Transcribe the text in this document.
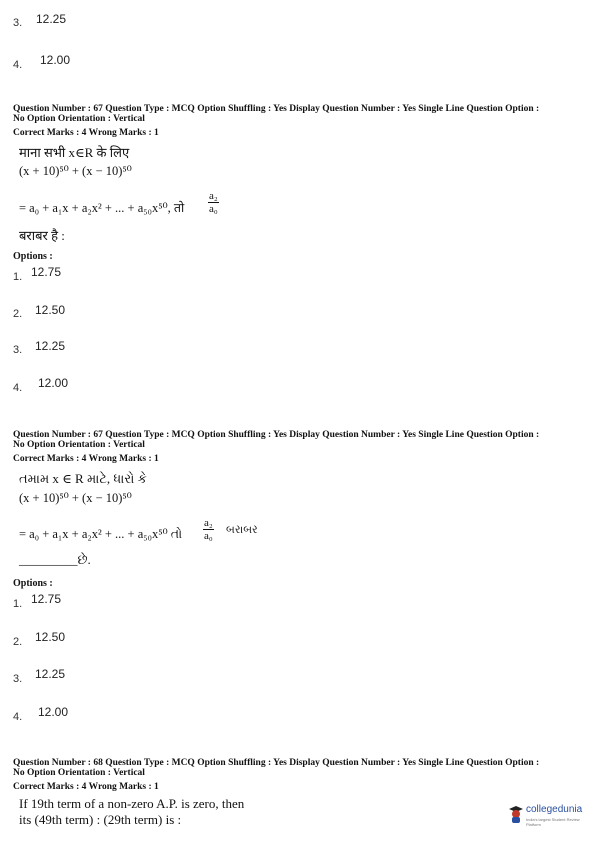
3. 12.25
4. 12.00
Question Number : 67 Question Type : MCQ Option Shuffling : Yes Display Question Number : Yes Single Line Question Option :
No Option Orientation : Vertical
Correct Marks : 4 Wrong Marks : 1
माना सभी x∈R के लिए
(x + 10)⁵⁰ + (x − 10)⁵⁰
= a₀ + a₁x + a₂x² + ... + a₅₀x⁵⁰, तो $\frac{\text{a₂}}{\text{a₀}}$
बराबर है :
Options :
1. 12.75
2. 12.50
3. 12.25
4. 12.00
Question Number : 67 Question Type : MCQ Option Shuffling : Yes Display Question Number : Yes Single Line Question Option :
No Option Orientation : Vertical
Correct Marks : 4 Wrong Marks : 1
તમામ x ∈ R માટે, ધારો કે
(x + 10)⁵⁰ + (x − 10)⁵⁰
= a₀ + a₁x + a₂x² + ... + a₅₀x⁵⁰ તો $\frac{\text{a₂}}{\text{a₀}}$ બરાબર
_________છે.
Options :
1. 12.75
2. 12.50
3. 12.25
4. 12.00
Question Number : 68 Question Type : MCQ Option Shuffling : Yes Display Question Number : Yes Single Line Question Option :
No Option Orientation : Vertical
Correct Marks : 4 Wrong Marks : 1
If 19th term of a non-zero A.P. is zero, then
its (49th term) : (29th term) is :
collegedunia
India's largest Student Review Platform
